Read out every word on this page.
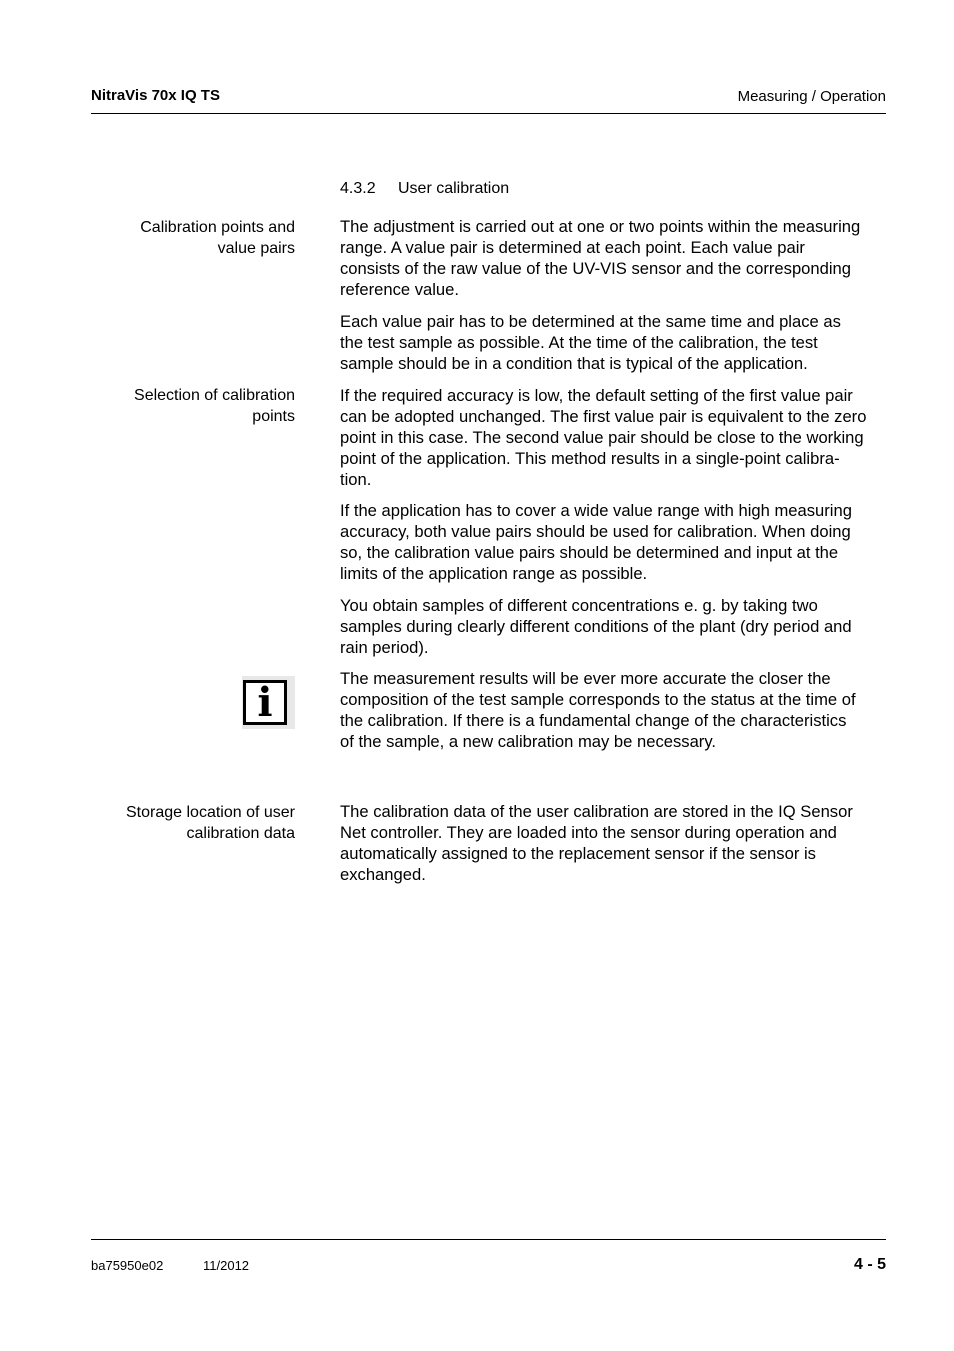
NitraVis 70x IQ TS	Measuring / Operation
4.3.2 User calibration
Calibration points and
value pairs
Selection of calibration
points
Storage location of user
calibration data
i
The adjustment is carried out at one or two points within the measuring
range. A value pair is determined at each point. Each value pair
consists of the raw value of the UV-VIS sensor and the corresponding
reference value.
Each value pair has to be determined at the same time and place as
the test sample as possible. At the time of the calibration, the test
sample should be in a condition that is typical of the application.
If the required accuracy is low, the default setting of the first value pair
can be adopted unchanged. The first value pair is equivalent to the zero
point in this case. The second value pair should be close to the working
point of the application. This method results in a single-point calibra-
tion.
If the application has to cover a wide value range with high measuring
accuracy, both value pairs should be used for calibration. When doing
so, the calibration value pairs should be determined and input at the
limits of the application range as possible.
You obtain samples of different concentrations e. g. by taking two
samples during clearly different conditions of the plant (dry period and
rain period).
The measurement results will be ever more accurate the closer the
composition of the test sample corresponds to the status at the time of
the calibration. If there is a fundamental change of the characteristics
of the sample, a new calibration may be necessary.
The calibration data of the user calibration are stored in the IQ Sensor
Net controller. They are loaded into the sensor during operation and
automatically assigned to the replacement sensor if the sensor is
exchanged.
ba75950e02	11/2012	4 - 5
